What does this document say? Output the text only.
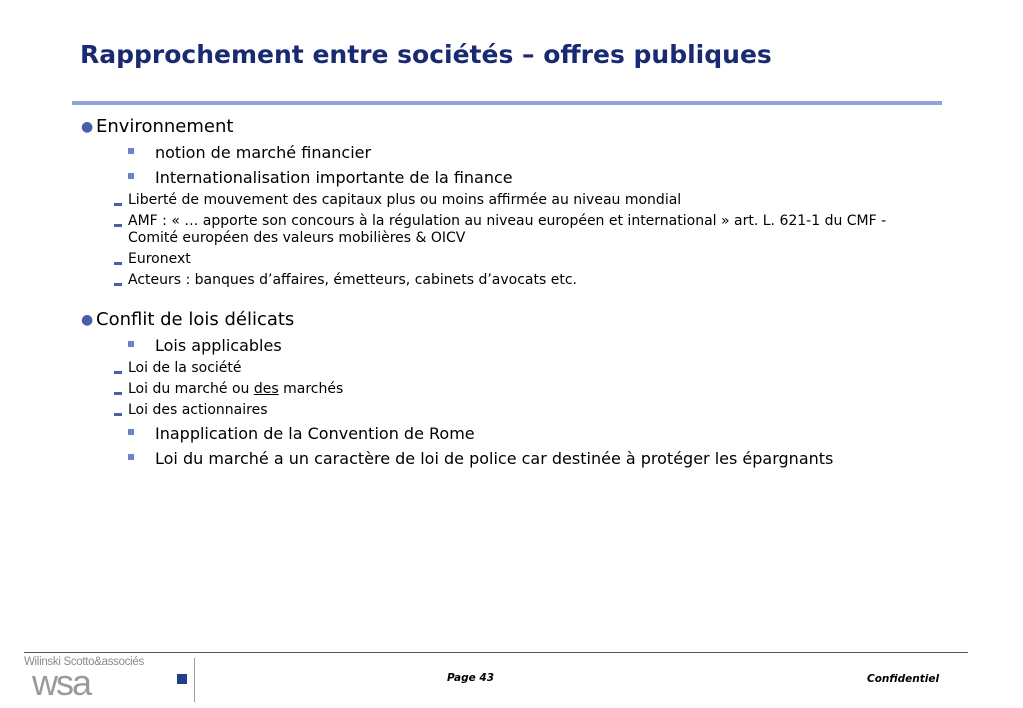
Rapprochement entre sociétés – offres publiques
● Environnement
notion de marché financier
Internationalisation importante de la finance
Liberté de mouvement des capitaux plus ou moins affirmée au niveau mondial
AMF : « … apporte son concours à la régulation au niveau européen et international » art. L. 621-1 du CMF - Comité européen des valeurs mobilières & OICV
Euronext
Acteurs : banques d’affaires, émetteurs, cabinets d’avocats etc.
● Conflit de lois délicats
Lois applicables
Loi de la société
Loi du marché ou des marchés
Loi des actionnaires
Inapplication de la Convention de Rome
Loi du marché a un caractère de loi de police car destinée à protéger les épargnants
Wilinski Scotto&associés
wsa	Page 43	Confidentiel
